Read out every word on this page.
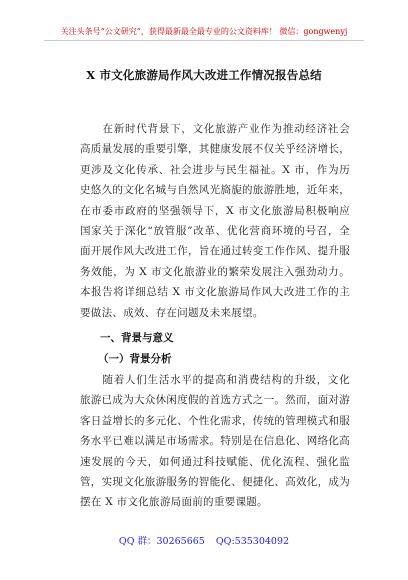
关注头条号“公文研究”，获得最新最全最专业的公文资料库！ 微信：gongwenyj
X 市文化旅游局作风大改进工作情况报告总结

在新时代背景下，文化旅游产业作为推动经济社会高质量发展的重要引擎，其健康发展不仅关乎经济增长，更涉及文化传承、社会进步与民生福祉。X 市，作为历史悠久的文化名城与自然风光旖旎的旅游胜地，近年来，在市委市政府的坚强领导下，X 市文化旅游局积极响应国家关于深化“放管服”改革、优化营商环境的号召，全面开展作风大改进工作，旨在通过转变工作作风、提升服务效能，为 X 市文化旅游业的繁荣发展注入强劲动力。本报告将详细总结 X 市文化旅游局作风大改进工作的主要做法、成效、存在问题及未来展望。

一、背景与意义
（一）背景分析

随着人们生活水平的提高和消费结构的升级，文化旅游已成为大众休闲度假的首选方式之一。然而，面对游客日益增长的多元化、个性化需求，传统的管理模式和服务水平已难以满足市场需求。特别是在信息化、网络化高速发展的今天，如何通过科技赋能、优化流程、强化监管，实现文化旅游服务的智能化、便捷化、高效化，成为摆在 X 市文化旅游局面前的重要课题。

QQ 群：30265665 QQ:535304092
